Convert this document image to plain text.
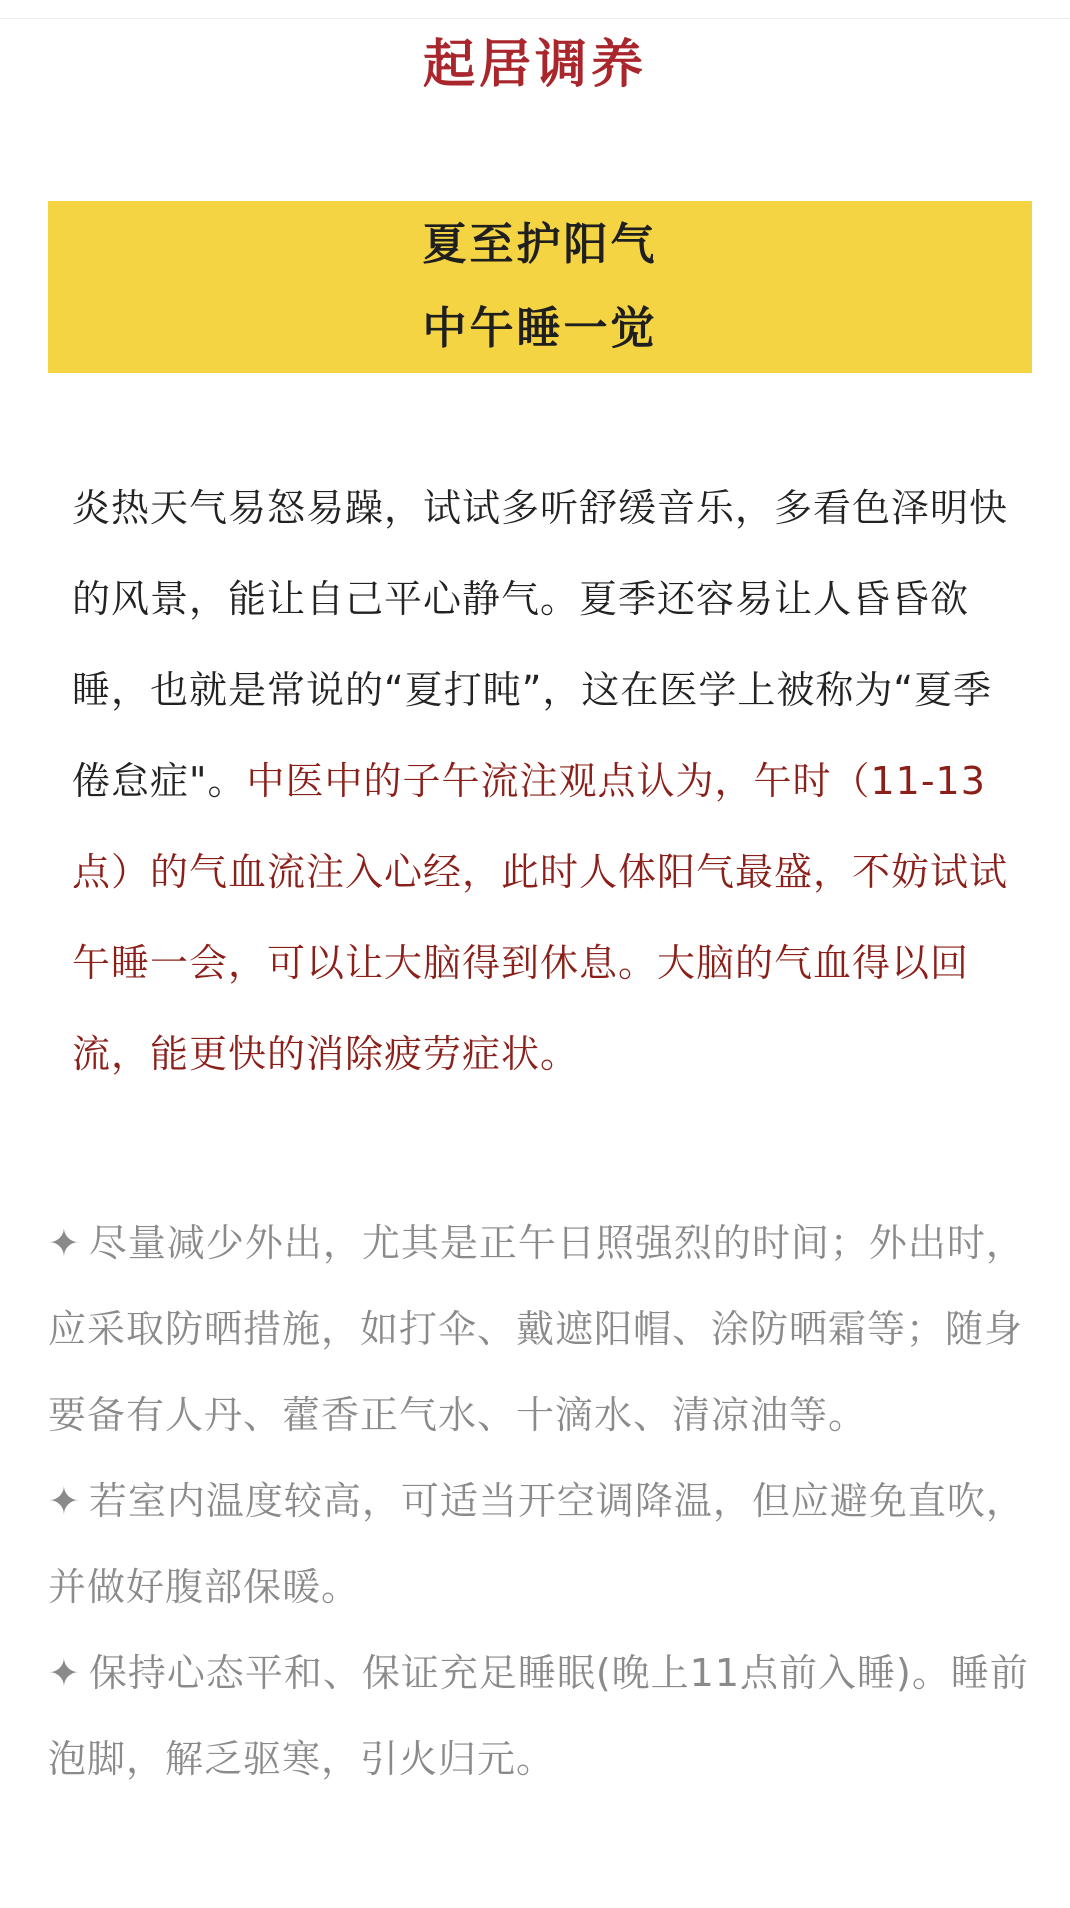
起居调养
夏至护阳气
中午睡一觉

炎热天气易怒易躁，试试多听舒缓音乐，多看色泽明快的风景，能让自己平心静气。夏季还容易让人昏昏欲睡，也就是常说的“夏打盹”，这在医学上被称为“夏季倦怠症"。中医中的子午流注观点认为，午时（11-13点）的气血流注入心经，此时人体阳气最盛，不妨试试午睡一会，可以让大脑得到休息。大脑的气血得以回流，能更快的消除疲劳症状。

✦ 尽量减少外出，尤其是正午日照强烈的时间；外出时，应采取防晒措施，如打伞、戴遮阳帽、涂防晒霜等；随身要备有人丹、藿香正气水、十滴水、清凉油等。

✦ 若室内温度较高，可适当开空调降温，但应避免直吹，并做好腹部保暖。

✦ 保持心态平和、保证充足睡眠(晚上11点前入睡)。睡前泡脚，解乏驱寒，引火归元。
